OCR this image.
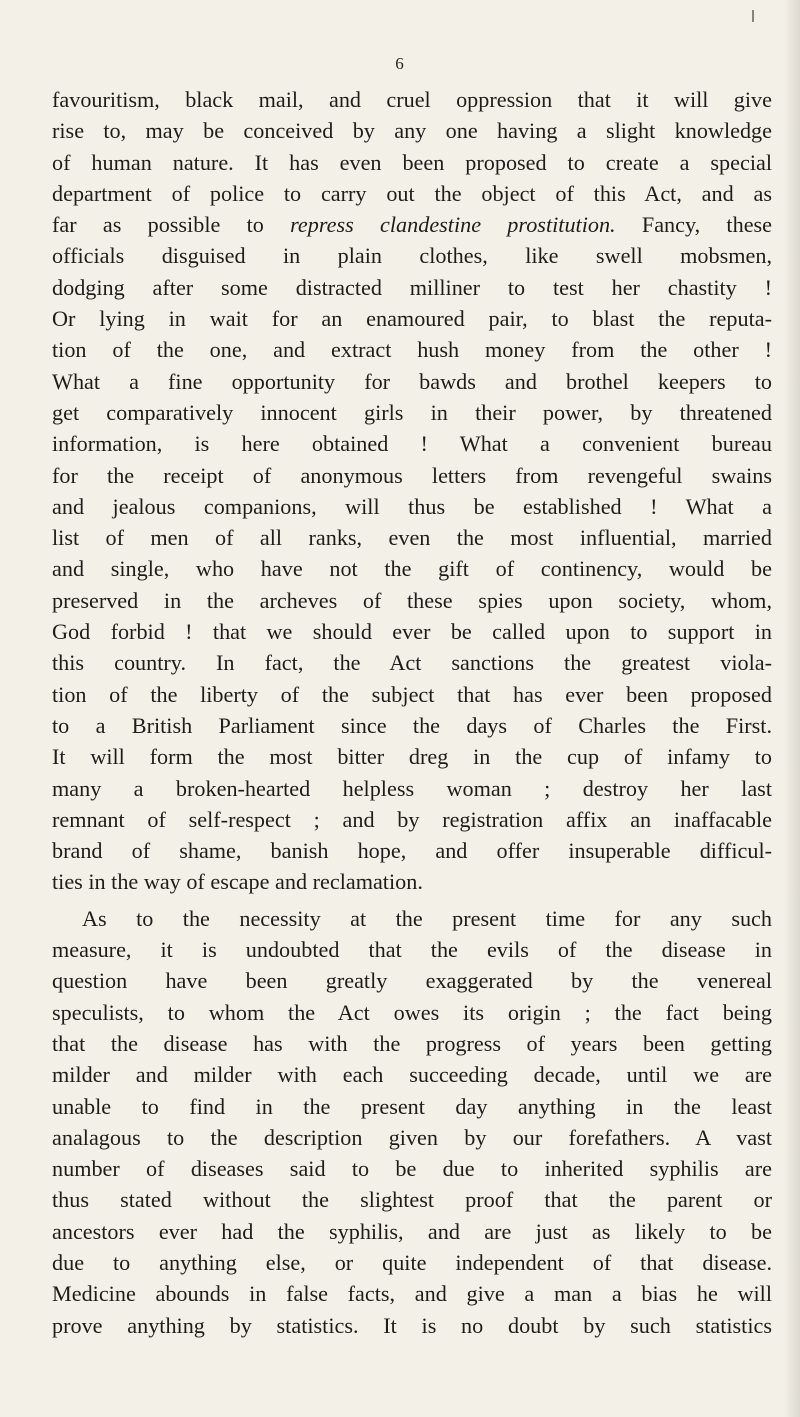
6
favouritism, black mail, and cruel oppression that it will give
rise to, may be conceived by any one having a slight knowledge
of human nature. It has even been proposed to create a special
department of police to carry out the object of this Act, and as
far as possible to repress clandestine prostitution. Fancy, these
officials disguised in plain clothes, like swell mobsmen,
dodging after some distracted milliner to test her chastity !
Or lying in wait for an enamoured pair, to blast the reputa-
tion of the one, and extract hush money from the other !
What a fine opportunity for bawds and brothel keepers to
get comparatively innocent girls in their power, by threatened
information, is here obtained ! What a convenient bureau
for the receipt of anonymous letters from revengeful swains
and jealous companions, will thus be established ! What a
list of men of all ranks, even the most influential, married
and single, who have not the gift of continency, would be
preserved in the archeves of these spies upon society, whom,
God forbid ! that we should ever be called upon to support in
this country. In fact, the Act sanctions the greatest viola-
tion of the liberty of the subject that has ever been proposed
to a British Parliament since the days of Charles the First.
It will form the most bitter dreg in the cup of infamy to
many a broken-hearted helpless woman ; destroy her last
remnant of self-respect ; and by registration affix an inaffacable
brand of shame, banish hope, and offer insuperable difficul-
ties in the way of escape and reclamation.
As to the necessity at the present time for any such
measure, it is undoubted that the evils of the disease in
question have been greatly exaggerated by the venereal
speculists, to whom the Act owes its origin ; the fact being
that the disease has with the progress of years been getting
milder and milder with each succeeding decade, until we are
unable to find in the present day anything in the least
analagous to the description given by our forefathers. A vast
number of diseases said to be due to inherited syphilis are
thus stated without the slightest proof that the parent or
ancestors ever had the syphilis, and are just as likely to be
due to anything else, or quite independent of that disease.
Medicine abounds in false facts, and give a man a bias he will
prove anything by statistics. It is no doubt by such statistics
